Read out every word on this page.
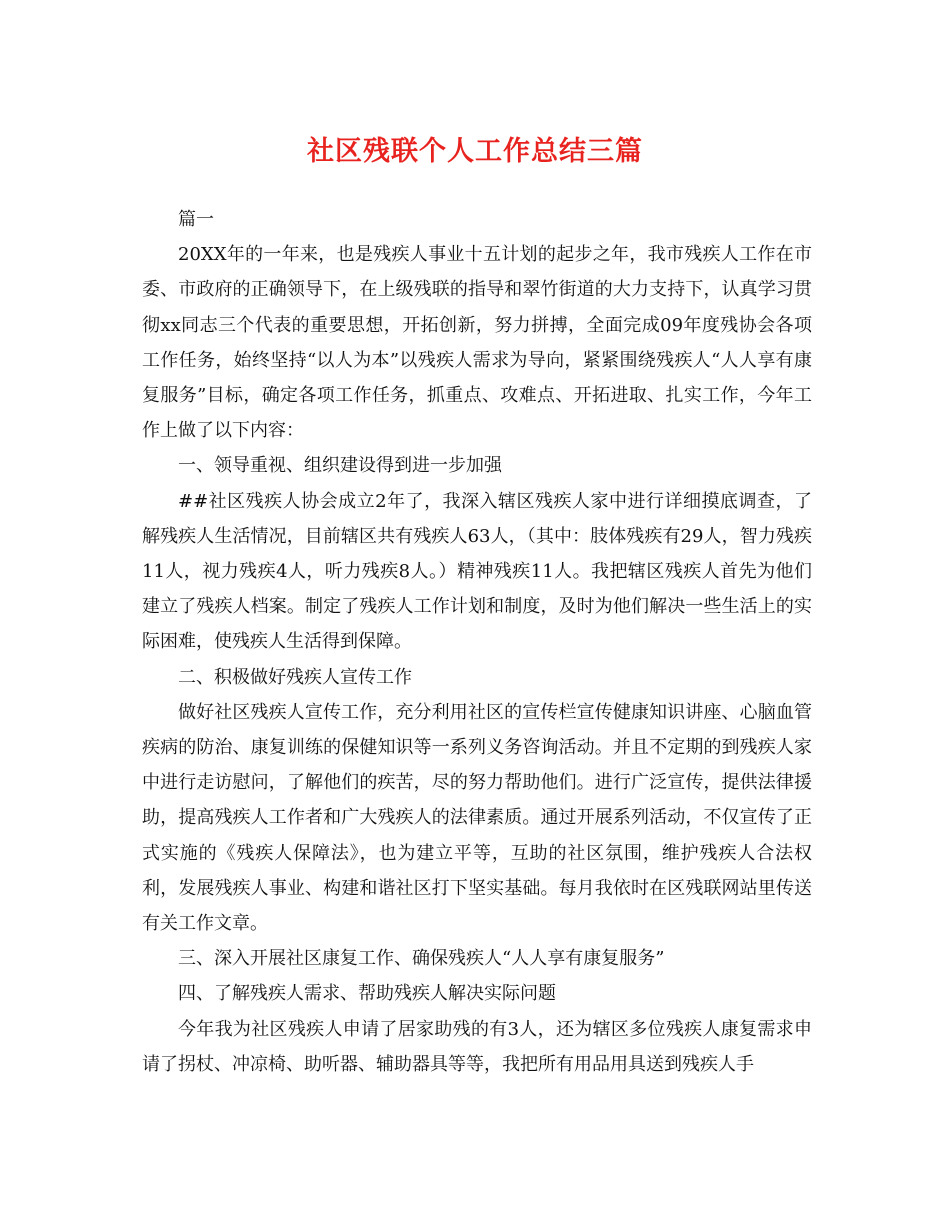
社区残联个人工作总结三篇

篇一

20XX年的一年来，也是残疾人事业十五计划的起步之年，我市残疾人工作在市委、市政府的正确领导下，在上级残联的指导和翠竹街道的大力支持下，认真学习贯彻xx同志三个代表的重要思想，开拓创新，努力拼搏，全面完成09年度残协会各项工作任务，始终坚持“以人为本”以残疾人需求为导向，紧紧围绕残疾人“人人享有康复服务”目标，确定各项工作任务，抓重点、攻难点、开拓进取、扎实工作，今年工作上做了以下内容：

一、领导重视、组织建设得到进一步加强

##社区残疾人协会成立2年了，我深入辖区残疾人家中进行详细摸底调查，了解残疾人生活情况，目前辖区共有残疾人63人，（其中：肢体残疾有29人，智力残疾11人，视力残疾4人，听力残疾8人。）精神残疾11人。我把辖区残疾人首先为他们建立了残疾人档案。制定了残疾人工作计划和制度，及时为他们解决一些生活上的实际困难，使残疾人生活得到保障。

二、积极做好残疾人宣传工作

做好社区残疾人宣传工作，充分利用社区的宣传栏宣传健康知识讲座、心脑血管疾病的防治、康复训练的保健知识等一系列义务咨询活动。并且不定期的到残疾人家中进行走访慰问，了解他们的疾苦，尽的努力帮助他们。进行广泛宣传，提供法律援助，提高残疾人工作者和广大残疾人的法律素质。通过开展系列活动，不仅宣传了正式实施的《残疾人保障法》，也为建立平等，互助的社区氛围，维护残疾人合法权利，发展残疾人事业、构建和谐社区打下坚实基础。每月我依时在区残联网站里传送有关工作文章。

三、深入开展社区康复工作、确保残疾人“人人享有康复服务”

四、了解残疾人需求、帮助残疾人解决实际问题

今年我为社区残疾人申请了居家助残的有3人，还为辖区多位残疾人康复需求申请了拐杖、冲凉椅、助听器、辅助器具等等，我把所有用品用具送到残疾人手
